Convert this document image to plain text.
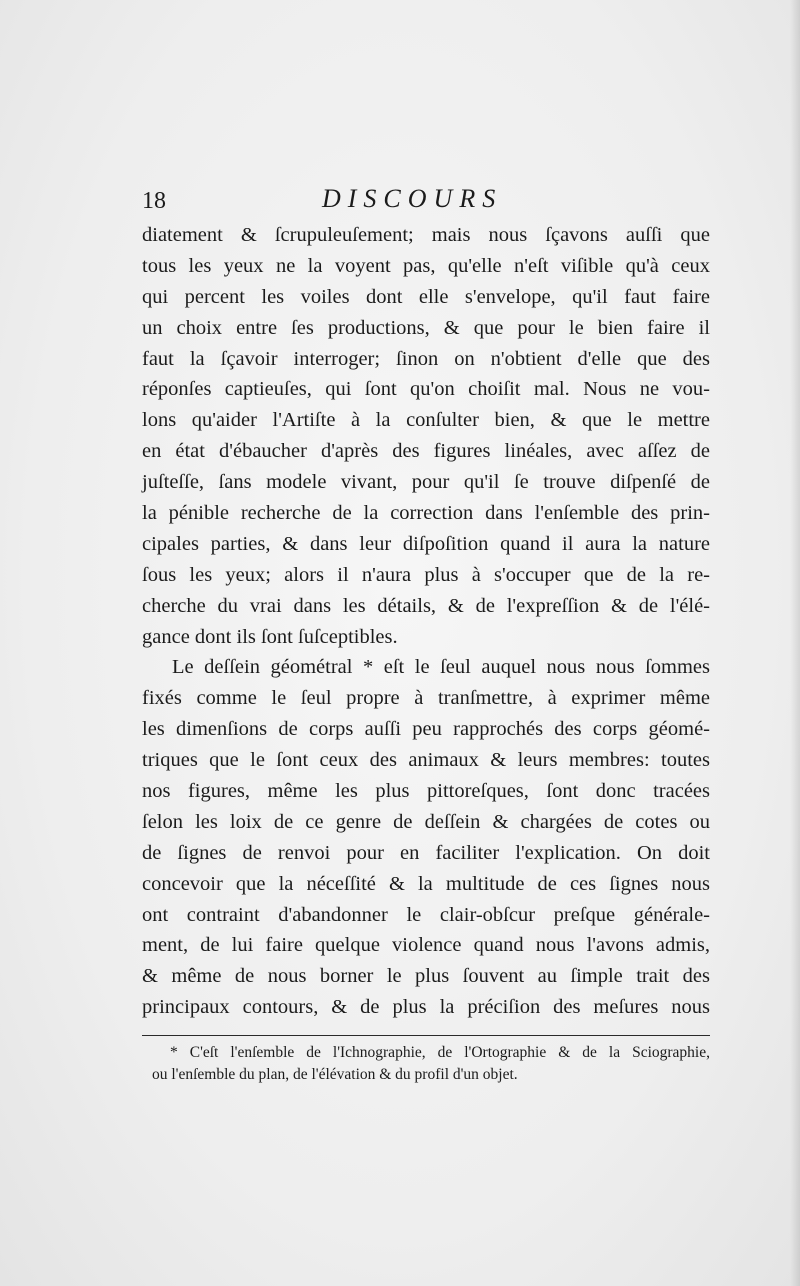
18	DISCOURS
diatement & ſcrupuleuſement; mais nous ſçavons auſſi que
tous les yeux ne la voyent pas, qu'elle n'eſt viſible qu'à ceux
qui percent les voiles dont elle s'envelope, qu'il faut faire
un choix entre ſes productions, & que pour le bien faire il
faut la ſçavoir interroger; ſinon on n'obtient d'elle que des
réponſes captieuſes, qui ſont qu'on choiſit mal. Nous ne vou-
lons qu'aider l'Artiſte à la conſulter bien, & que le mettre
en état d'ébaucher d'après des figures linéales, avec aſſez de
juſteſſe, ſans modele vivant, pour qu'il ſe trouve diſpenſé de
la pénible recherche de la correction dans l'enſemble des prin-
cipales parties, & dans leur diſpoſition quand il aura la nature
ſous les yeux; alors il n'aura plus à s'occuper que de la re-
cherche du vrai dans les détails, & de l'expreſſion & de l'élé-
gance dont ils ſont ſuſceptibles.
Le deſſein géométral * eſt le ſeul auquel nous nous ſommes
fixés comme le ſeul propre à tranſmettre, à exprimer même
les dimenſions de corps auſſi peu rapprochés des corps géomé-
triques que le ſont ceux des animaux & leurs membres: toutes
nos figures, même les plus pittoreſques, ſont donc tracées
ſelon les loix de ce genre de deſſein & chargées de cotes ou
de ſignes de renvoi pour en faciliter l'explication. On doit
concevoir que la néceſſité & la multitude de ces ſignes nous
ont contraint d'abandonner le clair-obſcur preſque générale-
ment, de lui faire quelque violence quand nous l'avons admis,
& même de nous borner le plus ſouvent au ſimple trait des
principaux contours, & de plus la préciſion des meſures nous
* C'eſt l'enſemble de l'Ichnographie, de l'Ortographie & de la Sciographie,
ou l'enſemble du plan, de l'élévation & du profil d'un objet.
